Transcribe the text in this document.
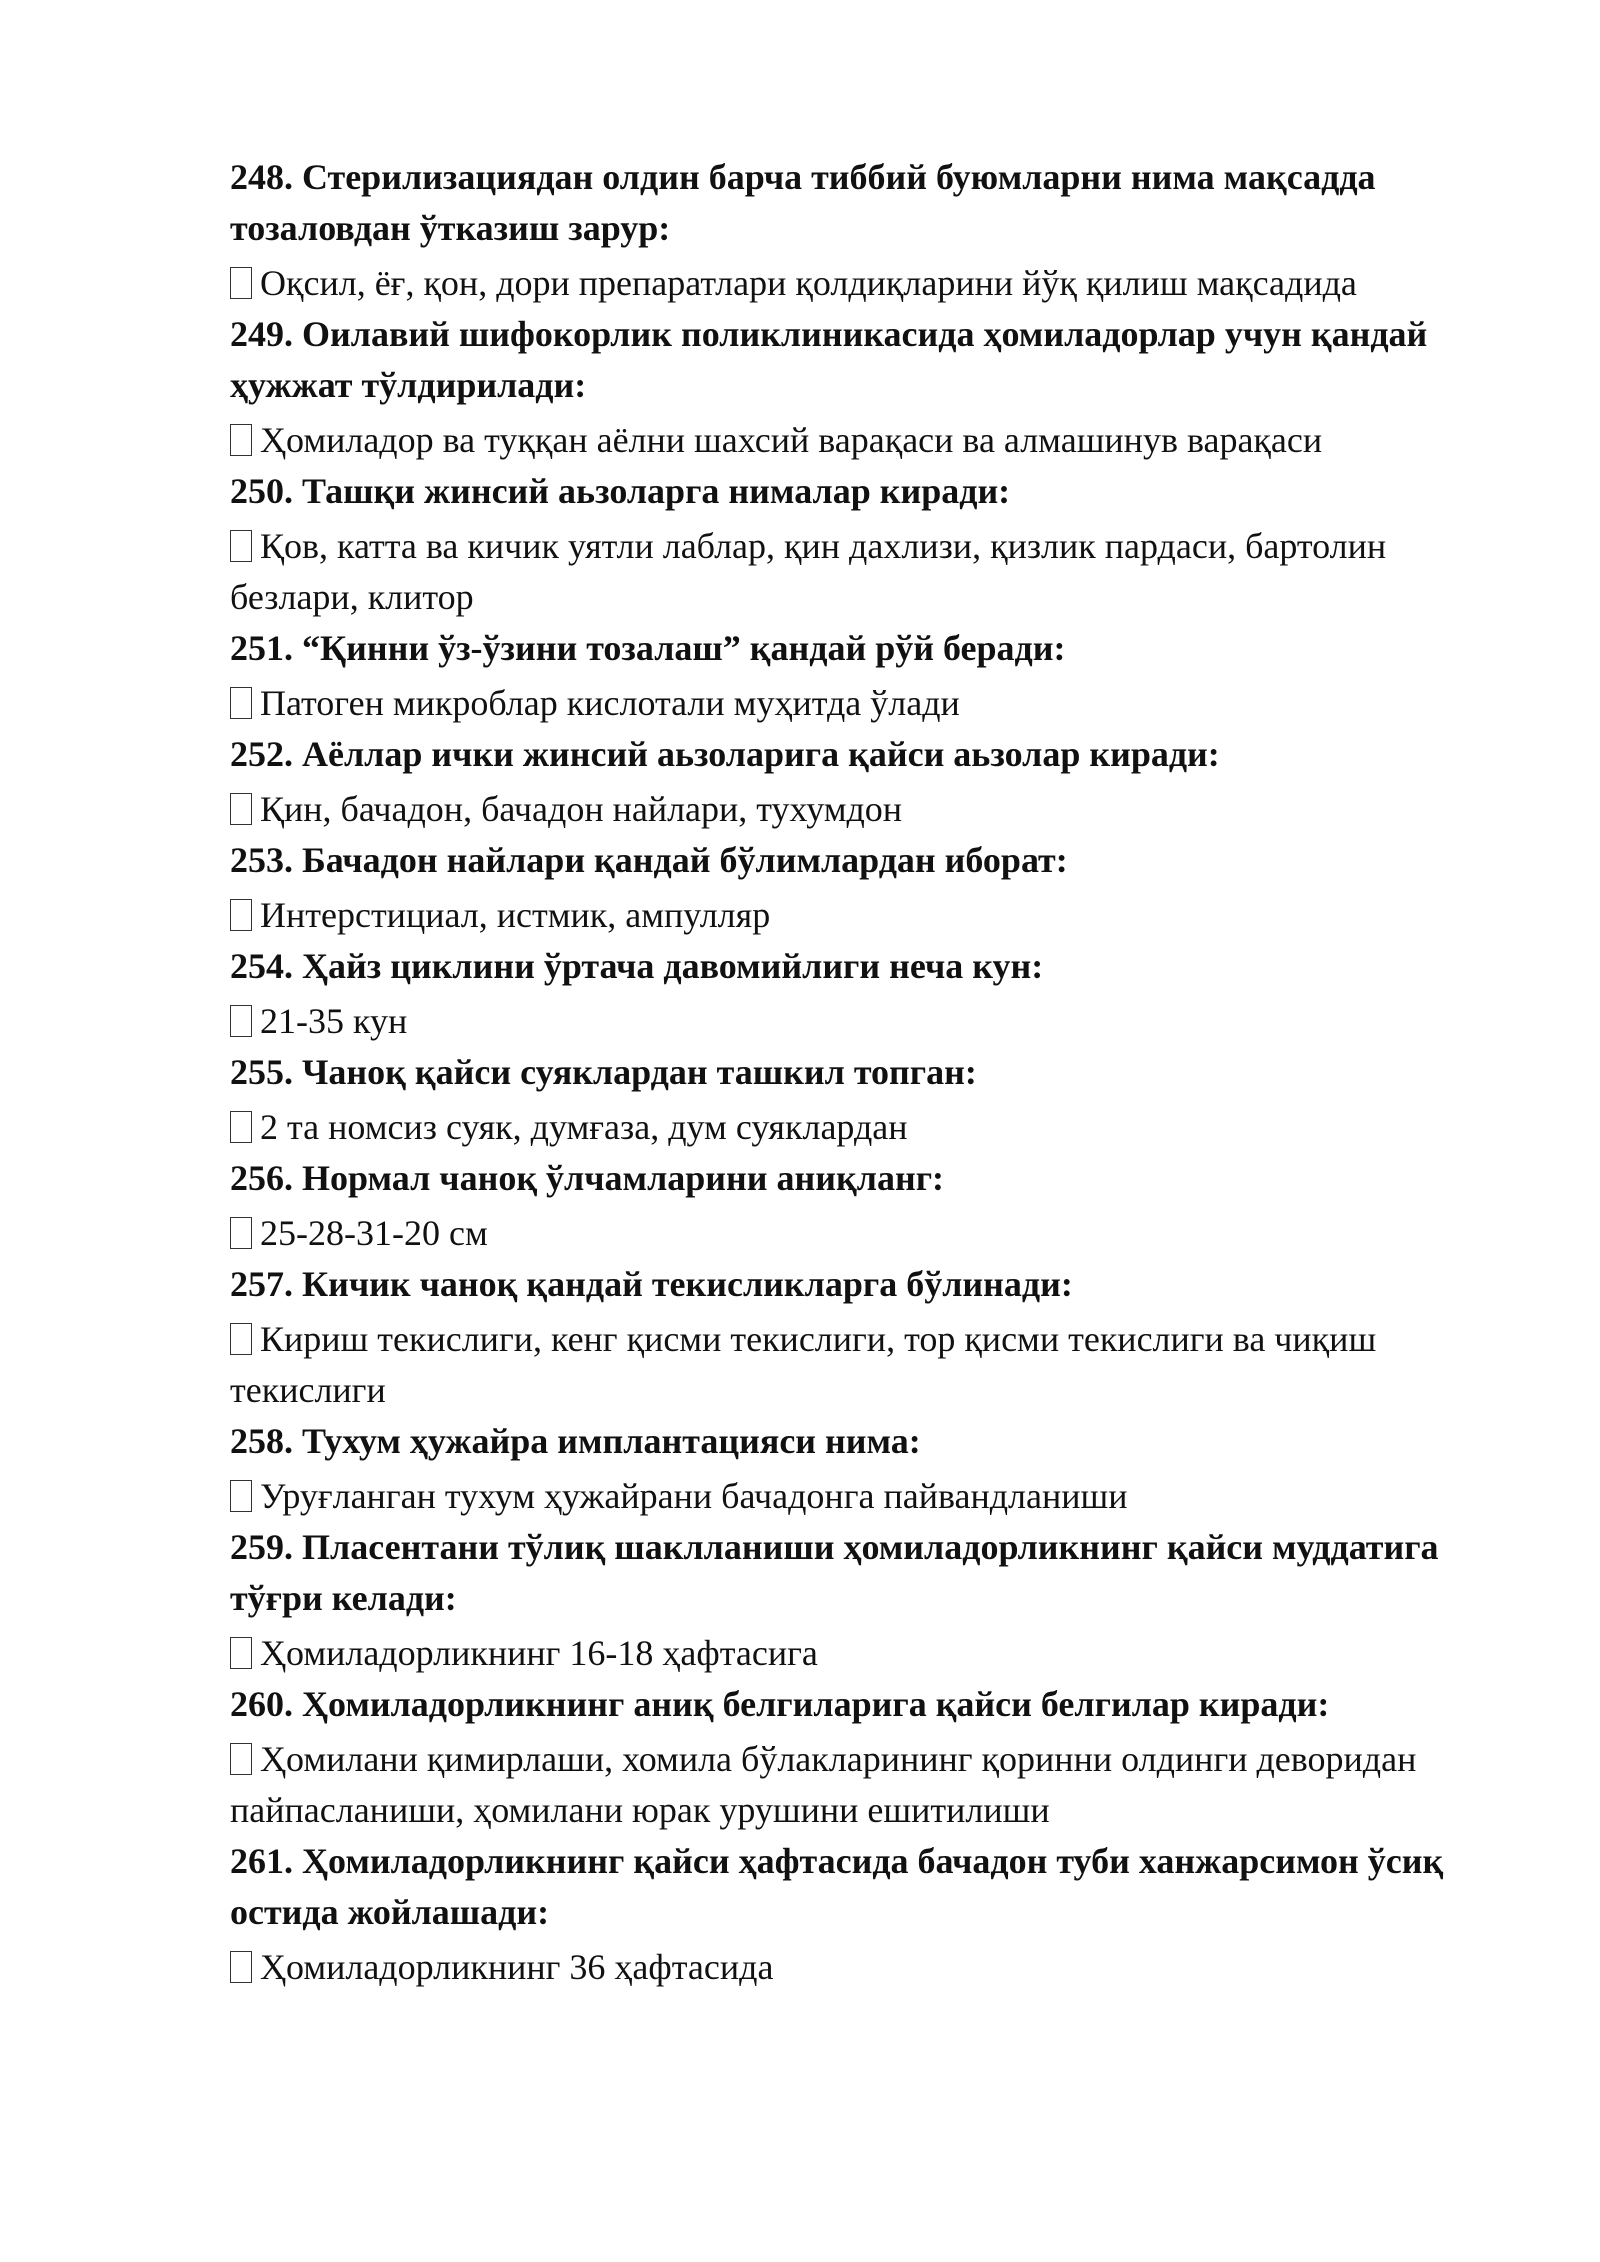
248. Стерилизациядан олдин барча тиббий буюмларни нима мақсадда тозаловдан ўтказиш зарур:

Оқсил, ёғ, қон, дори препаратлари қолдиқларини йўқ қилиш мақсадида

249. Оилавий шифокорлик поликлиникасида ҳомиладорлар учун қандай ҳужжат тўлдирилади:

Ҳомиладор ва туққан аёлни шахсий варақаси ва алмашинув варақаси

250. Ташқи жинсий аьзоларга нималар киради:

Қов, катта ва кичик уятли лаблар, қин дахлизи, қизлик пардаси, бартолин безлари, клитор

251. “Қинни ўз-ўзини тозалаш” қандай рўй беради:

Патоген микроблар кислотали муҳитда ўлади

252. Аёллар ички жинсий аьзоларига қайси аьзолар киради:

Қин, бачадон, бачадон найлари, тухумдон

253. Бачадон найлари қандай бўлимлардан иборат:

Интерстициал, истмик, ампулляр

254. Ҳайз циклини ўртача давомийлиги неча кун:

21-35 кун

255. Чаноқ қайси суяклардан ташкил топган:

2 та номсиз суяк, думғаза, дум суяклардан

256. Нормал чаноқ ўлчамларини аниқланг:

25-28-31-20 см

257. Кичик чаноқ қандай текисликларга бўлинади:

Кириш текислиги, кенг қисми текислиги, тор қисми текислиги ва чиқиш текислиги

258. Тухум ҳужайра имплантацияси нима:

Уруғланган тухум ҳужайрани бачадонга пайвандланиши

259. Пласентани тўлиқ шаклланиши ҳомиладорликнинг қайси муддатига тўғри келади:

Ҳомиладорликнинг 16-18 ҳафтасига

260. Ҳомиладорликнинг аниқ белгиларига қайси белгилар киради:

Ҳомилани қимирлаши, хомила бўлакларининг қоринни олдинги деворидан пайпасланиши, ҳомилани юрак урушини ешитилиши

261. Ҳомиладорликнинг қайси ҳафтасида бачадон туби ханжарсимон ўсиқ остида жойлашади:

Ҳомиладорликнинг 36 ҳафтасида
